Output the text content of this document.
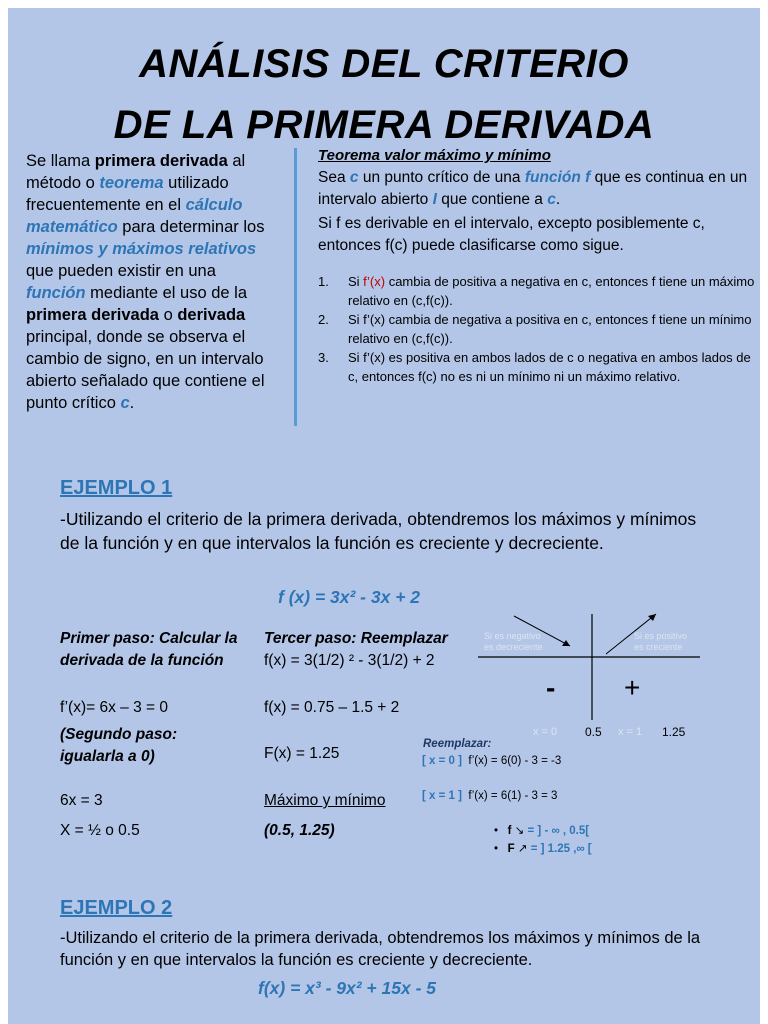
ANÁLISIS DEL CRITERIO
DE LA PRIMERA DERIVADA
Se llama primera derivada al método o teorema utilizado frecuentemente en el cálculo matemático para determinar los mínimos y máximos relativos que pueden existir en una función mediante el uso de la primera derivada o derivada principal, donde se observa el cambio de signo, en un intervalo abierto señalado que contiene el punto crítico c.
Teorema valor máximo y mínimo
Sea c un punto crítico de una función f que es continua en un intervalo abierto I que contiene a c.
Si f es derivable en el intervalo, excepto posiblemente c, entonces f(c) puede clasificarse como sigue.
1.	Si f’(x) cambia de positiva a negativa en c, entonces f tiene un máximo relativo en (c,f(c)).
2.	Si f’(x) cambia de negativa a positiva en c, entonces f tiene un mínimo relativo en (c,f(c)).
3.	Si f’(x) es positiva en ambos lados de c o negativa en ambos lados de c, entonces f(c) no es ni un mínimo ni un máximo relativo.
EJEMPLO 1
-Utilizando el criterio de la primera derivada, obtendremos los máximos y mínimos de la función y en que intervalos la función es creciente y decreciente.
f (x) = 3x² - 3x + 2
Primer paso: Calcular la derivada de la función
f’(x)= 6x – 3 = 0
(Segundo paso: igualarla a 0)
6x = 3
X = ½ o 0.5
Tercer paso: Reemplazar
f(x) = 3(1/2) ² - 3(1/2) + 2
f(x) = 0.75 – 1.5 + 2
F(x) = 1.25
Máximo y mínimo
(0.5, 1.25)
Si es negativo
es decreciente
Si es positivo
es creciente
- +
x = 0 0.5 x = 1 1.25
Reemplazar:
[ x = 0 ] f’(x) = 6(0) - 3 = -3
[ x = 1 ] f’(x) = 6(1) - 3 = 3
•   f ↘ = ] - ∞ , 0.5[
•   F ↗ = ] 1.25 ,∞ [
EJEMPLO 2
-Utilizando el criterio de la primera derivada, obtendremos los máximos y mínimos de la función y en que intervalos la función es creciente y decreciente.
f(x) = x³ - 9x² + 15x - 5
